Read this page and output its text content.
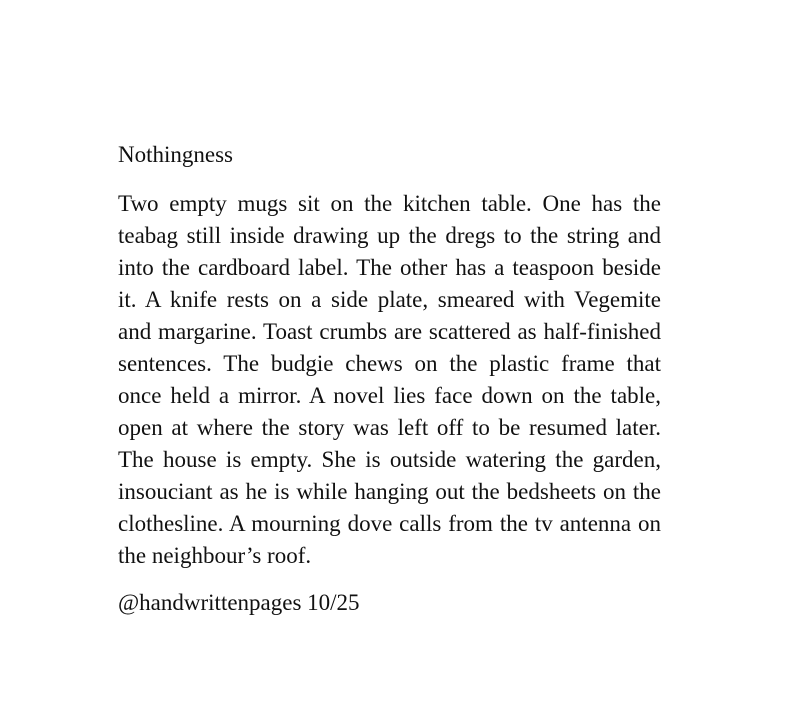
Nothingness

Two empty mugs sit on the kitchen table. One has the teabag still inside drawing up the dregs to the string and into the cardboard label. The other has a teaspoon beside it. A knife rests on a side plate, smeared with Vegemite and margarine. Toast crumbs are scattered as half-finished sentences. The budgie chews on the plastic frame that once held a mirror. A novel lies face down on the table, open at where the story was left off to be resumed later. The house is empty. She is outside watering the garden, insouciant as he is while hanging out the bedsheets on the clothesline. A mourning dove calls from the tv antenna on the neighbour’s roof.

@handwrittenpages 10/25
